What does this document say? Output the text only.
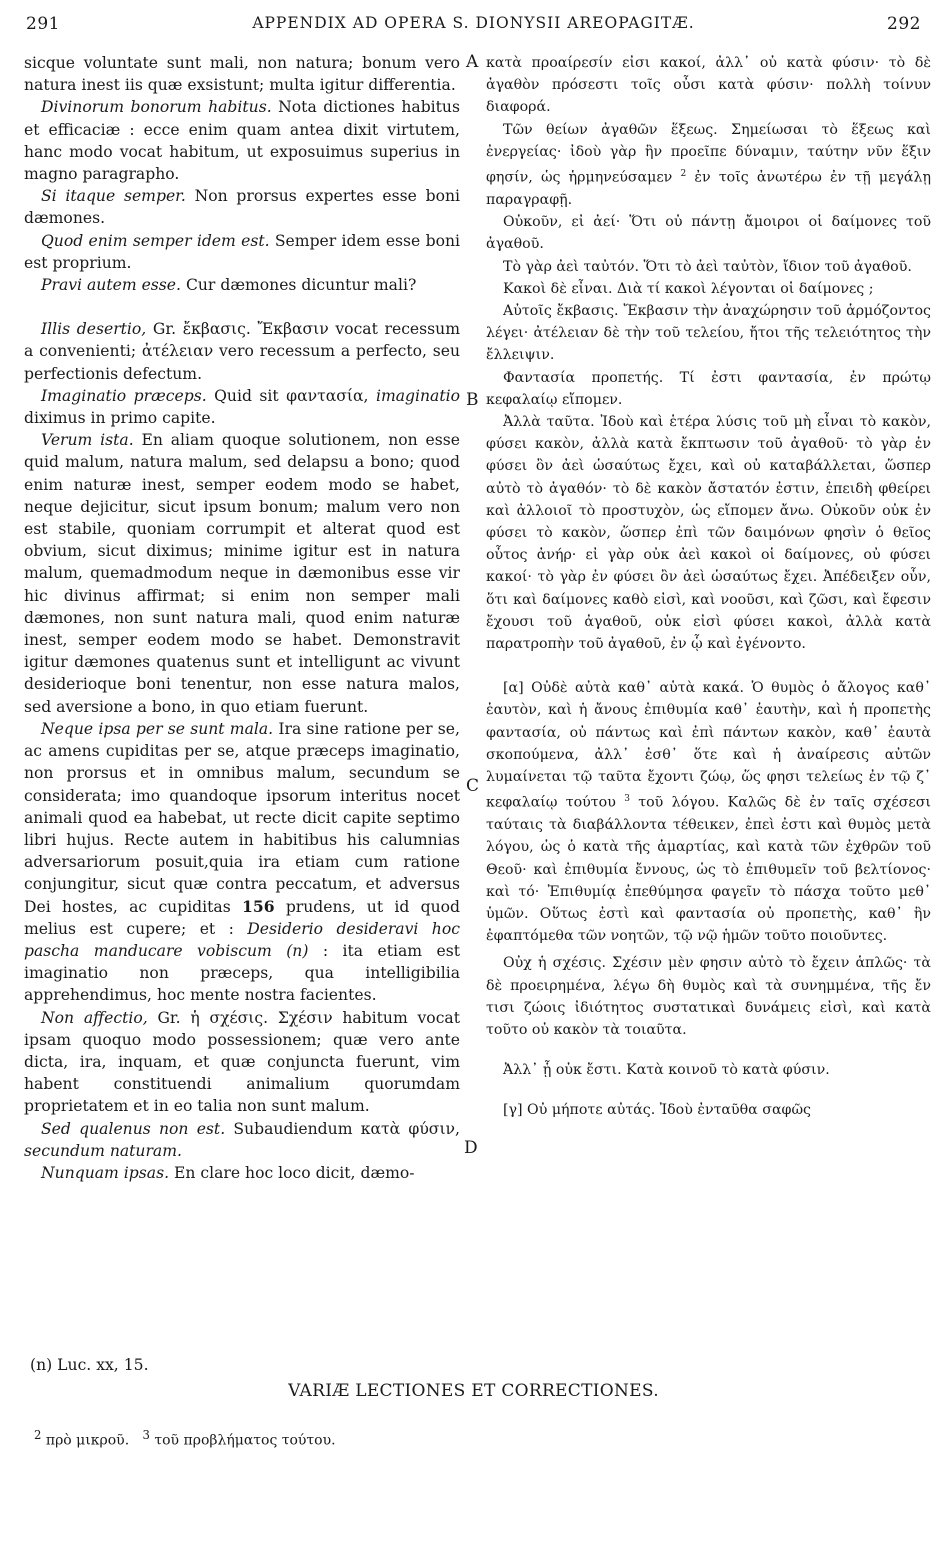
291	APPENDIX AD OPERA S. DIONYSII AREOPAGITÆ.	292

sicque voluntate sunt mali, non natura; bonum vero natura inest iis quæ exsistunt; multa igitur differentia.

Divinorum bonorum habitus. Nota dictiones habitus et efficaciæ : ecce enim quam antea dixit virtutem, hanc modo vocat habitum, ut exposuimus superius in magno paragrapho.

Si itaque semper. Non prorsus expertes esse boni dæmones.

Quod enim semper idem est. Semper idem esse boni est proprium.

Pravi autem esse. Cur dæmones dicuntur mali?

Illis desertio, Gr. ἔκβασις. Ἔκβασιν vocat recessum a convenienti; ἀτέλειαν vero recessum a perfecto, seu perfectionis defectum.

Imaginatio præceps. Quid sit φαντασία, imaginatio diximus in primo capite.

Verum ista. En aliam quoque solutionem, non esse quid malum, natura malum, sed delapsu a bono; quod enim naturæ inest, semper eodem modo se habet, neque dejicitur, sicut ipsum bonum; malum vero non est stabile, quoniam corrumpit et alterat quod est obvium, sicut diximus; minime igitur est in natura malum, quemadmodum neque in dæmonibus esse vir hic divinus affirmat; si enim non semper mali dæmones, non sunt natura mali, quod enim naturæ inest, semper eodem modo se habet. Demonstravit igitur dæmones quatenus sunt et intelligunt ac vivunt desiderioque boni tenentur, non esse natura malos, sed aversione a bono, in quo etiam fuerunt.

Neque ipsa per se sunt mala. Ira sine ratione per se, ac amens cupiditas per se, atque præceps imaginatio, non prorsus et in omnibus malum, secundum se considerata; imo quandoque ipsorum interitus nocet animali quod ea habebat, ut recte dicit capite septimo libri hujus. Recte autem in habitibus his calumnias adversariorum posuit,quia ira etiam cum ratione conjungitur, sicut quæ contra peccatum, et adversus Dei hostes, ac cupiditas 156 prudens, ut id quod melius est cupere; et : Desiderio desideravi hoc pascha manducare vobiscum (n) : ita etiam est imaginatio non præceps, qua intelligibilia apprehendimus, hoc mente nostra facientes.

Non affectio, Gr. ἡ σχέσις. Σχέσιν habitum vocat ipsam quoquo modo possessionem; quæ vero ante dicta, ira, inquam, et quæ conjuncta fuerunt, vim habent constituendi animalium quorumdam proprietatem et in eo talia non sunt malum.

Sed qualenus non est. Subaudiendum κατὰ φύσιν, secundum naturam.

Nunquam ipsas. En clare hoc loco dicit, dæmo-

A
B
C
D

κατὰ προαίρεσίν εἰσι κακοί, ἀλλ᾽ οὐ κατὰ φύσιν· τὸ δὲ ἀγαθὸν πρόσεστι τοῖς οὖσι κατὰ φύσιν· πολλὴ τοίνυν διαφορά.

Τῶν θείων ἀγαθῶν ἕξεως. Σημείωσαι τὸ ἕξεως καὶ ἐνεργείας· ἰδοὺ γὰρ ἣν προεῖπε δύναμιν, ταύτην νῦν ἕξιν φησίν, ὡς ἡρμηνεύσαμεν $^2$ ἐν τοῖς ἀνωτέρω ἐν τῇ μεγάλῃ παραγραφῇ.

Οὐκοῦν, εἰ ἀεί· Ὅτι οὐ πάντῃ ἄμοιροι οἱ δαίμονες τοῦ ἀγαθοῦ.

Τὸ γὰρ ἀεὶ ταὐτόν. Ὅτι τὸ ἀεὶ ταὐτὸν, ἴδιον τοῦ ἀγαθοῦ.

Κακοὶ δὲ εἶναι. Διὰ τί κακοὶ λέγονται οἱ δαίμονες ;

Αὐτοῖς ἔκβασις. Ἔκβασιν τὴν ἀναχώρησιν τοῦ ἁρμόζοντος λέγει· ἀτέλειαν δὲ τὴν τοῦ τελείου, ἤτοι τῆς τελειότητος τὴν ἔλλειψιν.

Φαντασία προπετής. Τί ἐστι φαντασία, ἐν πρώτῳ κεφαλαίῳ εἴπομεν.

Ἀλλὰ ταῦτα. Ἰδοὺ καὶ ἑτέρα λύσις τοῦ μὴ εἶναι τὸ κακὸν, φύσει κακὸν, ἀλλὰ κατὰ ἔκπτωσιν τοῦ ἀγαθοῦ· τὸ γὰρ ἐν φύσει ὂν ἀεὶ ὡσαύτως ἔχει, καὶ οὐ καταβάλλεται, ὥσπερ αὐτὸ τὸ ἀγαθόν· τὸ δὲ κακὸν ἄστατόν ἐστιν, ἐπειδὴ φθείρει καὶ ἀλλοιοῖ τὸ προστυχὸν, ὡς εἴπομεν ἄνω. Οὐκοῦν οὐκ ἐν φύσει τὸ κακὸν, ὥσπερ ἐπὶ τῶν δαιμόνων φησὶν ὁ θεῖος οὗτος ἀνήρ· εἰ γὰρ οὐκ ἀεὶ κακοὶ οἱ δαίμονες, οὐ φύσει κακοί· τὸ γὰρ ἐν φύσει ὂν ἀεὶ ὡσαύτως ἔχει. Ἀπέδειξεν οὖν, ὅτι καὶ δαίμονες καθὸ εἰσὶ, καὶ νοοῦσι, καὶ ζῶσι, καὶ ἔφεσιν ἔχουσι τοῦ ἀγαθοῦ, οὐκ εἰσὶ φύσει κακοὶ, ἀλλὰ κατὰ παρατροπὴν τοῦ ἀγαθοῦ, ἐν ᾧ καὶ ἐγένοντο.

[α] Οὐδὲ αὐτὰ καθ᾽ αὑτὰ κακά. Ὁ θυμὸς ὁ ἄλογος καθ᾽ ἑαυτὸν, καὶ ἡ ἄνους ἐπιθυμία καθ᾽ ἑαυτὴν, καὶ ἡ προπετὴς φαντασία, οὐ πάντως καὶ ἐπὶ πάντων κακὸν, καθ᾽ ἑαυτὰ σκοπούμενα, ἀλλ᾽ ἐσθ᾽ ὅτε καὶ ἡ ἀναίρεσις αὐτῶν λυμαίνεται τῷ ταῦτα ἔχοντι ζώῳ, ὥς φησι τελείως ἐν τῷ ζ᾽ κεφαλαίῳ τούτου $^3$ τοῦ λόγου. Καλῶς δὲ ἐν ταῖς σχέσεσι ταύταις τὰ διαβάλλοντα τέθεικεν, ἐπεὶ ἐστι καὶ θυμὸς μετὰ λόγου, ὡς ὁ κατὰ τῆς ἁμαρτίας, καὶ κατὰ τῶν ἐχθρῶν τοῦ Θεοῦ· καὶ ἐπιθυμία ἔννους, ὡς τὸ ἐπιθυμεῖν τοῦ βελτίονος· καὶ τό· Ἐπιθυμίᾳ ἐπεθύμησα φαγεῖν τὸ πάσχα τοῦτο μεθ᾽ ὑμῶν. Οὕτως ἐστὶ καὶ φαντασία οὐ προπετὴς, καθ᾽ ἣν ἐφαπτόμεθα τῶν νοητῶν, τῷ νῷ ἡμῶν τοῦτο ποιοῦντες.

Οὐχ ἡ σχέσις. Σχέσιν μὲν φησιν αὐτὸ τὸ ἔχειν ἁπλῶς· τὰ δὲ προειρημένα, λέγω δὴ θυμὸς καὶ τὰ συνημμένα, τῆς ἔν τισι ζώοις ἰδιότητος συστατικαὶ δυνάμεις εἰσὶ, καὶ κατὰ τοῦτο οὐ κακὸν τὰ τοιαῦτα.

Ἀλλ᾽ ᾗ οὐκ ἔστι. Κατὰ κοινοῦ τὸ κατὰ φύσιν.

[γ] Οὐ μήποτε αὐτάς. Ἰδοὺ ἐνταῦθα σαφῶς

(n) Luc. xx, 15.
VARIÆ LECTIONES ET CORRECTIONES.
$^2$ πρὸ μικροῦ. $^3$ τοῦ προβλήματος τούτου.
